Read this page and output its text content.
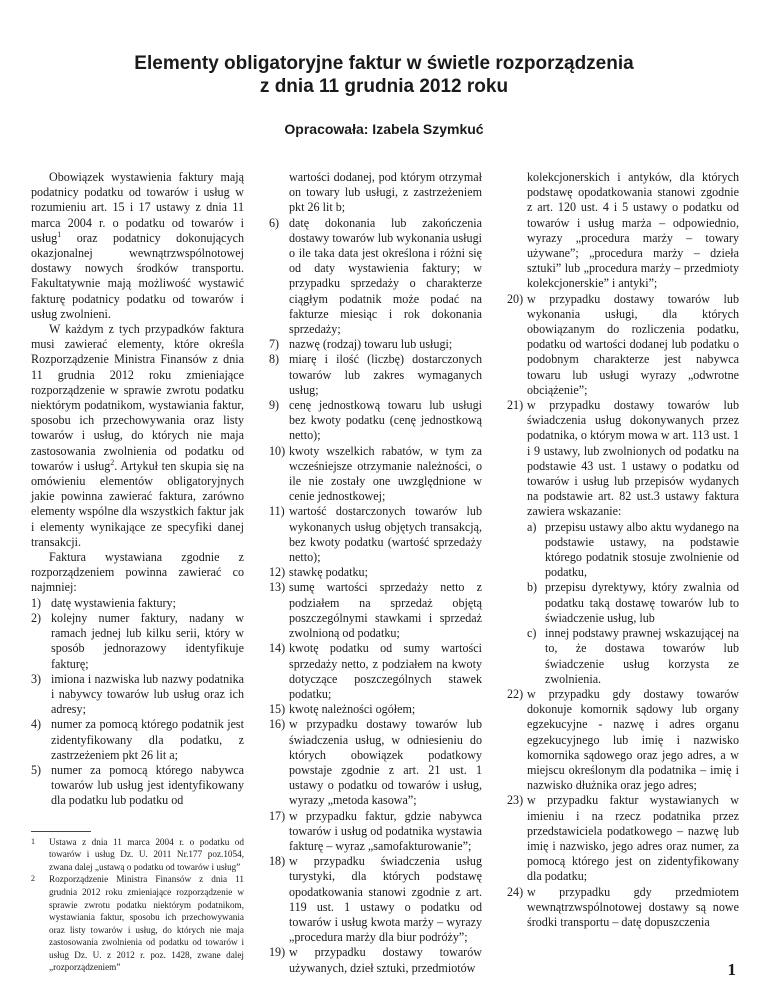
Elementy obligatoryjne faktur w świetle rozporządzenia
z dnia 11 grudnia 2012 roku
Opracowała: Izabela Szymkuć

Obowiązek wystawienia faktury mają podatnicy podatku od towarów i usług w rozumieniu art. 15 i 17 ustawy z dnia 11 marca 2004 r. o podatku od towarów i usług$^1$ oraz podatnicy dokonujących okazjonalnej wewnątrzwspólnotowej dostawy nowych środków transportu. Fakultatywnie mają możliwość wystawić fakturę podatnicy podatku od towarów i usług zwolnieni.

W każdym z tych przypadków faktura musi zawierać elementy, które określa Rozporządzenie Ministra Finansów z dnia 11 grudnia 2012 roku zmieniające rozporządzenie w sprawie zwrotu podatku niektórym podatnikom, wystawiania faktur, sposobu ich przechowywania oraz listy towarów i usług, do których nie maja zastosowania zwolnienia od podatku od towarów i usług$^2$. Artykuł ten skupia się na omówieniu elementów obligatoryjnych jakie powinna zawierać faktura, zarówno elementy wspólne dla wszystkich faktur jak i elementy wynikające ze specyfiki danej transakcji.

Faktura wystawiana zgodnie z rozporządzeniem powinna zawierać co najmniej:

1) datę wystawienia faktury;
2) kolejny numer faktury, nadany w ramach jednej lub kilku serii, który w sposób jednorazowy identyfikuje fakturę;
3) imiona i nazwiska lub nazwy podatnika i nabywcy towarów lub usług oraz ich adresy;
4) numer za pomocą którego podatnik jest zidentyfikowany dla podatku, z zastrzeżeniem pkt 26 lit a;
5) numer za pomocą którego nabywca towarów lub usług jest identyfikowany dla podatku lub podatku od
1 Ustawa z dnia 11 marca 2004 r. o podatku od towarów i usług Dz. U. 2011 Nr.177 poz.1054, zwana dalej „ustawą o podatku od towarów i usług”
2 Rozporządzenie Ministra Finansów z dnia 11 grudnia 2012 roku zmieniające rozporządzenie w sprawie zwrotu podatku niektórym podatnikom, wystawiania faktur, sposobu ich przechowywania oraz listy towarów i usług, do których nie maja zastosowania zwolnienia od podatku od towarów i usług Dz. U. z 2012 r. poz. 1428, zwane dalej „rozporządzeniem”
wartości dodanej, pod którym otrzymał on towary lub usługi, z zastrzeżeniem pkt 26 lit b;
6) datę dokonania lub zakończenia dostawy towarów lub wykonania usługi o ile taka data jest określona i różni się od daty wystawienia faktury; w przypadku sprzedaży o charakterze ciągłym podatnik może podać na fakturze miesiąc i rok dokonania sprzedaży;
7) nazwę (rodzaj) towaru lub usługi;
8) miarę i ilość (liczbę) dostarczonych towarów lub zakres wymaganych usług;
9) cenę jednostkową towaru lub usługi bez kwoty podatku (cenę jednostkową netto);
10) kwoty wszelkich rabatów, w tym za wcześniejsze otrzymanie należności, o ile nie zostały one uwzględnione w cenie jednostkowej;
11) wartość dostarczonych towarów lub wykonanych usług objętych transakcją, bez kwoty podatku (wartość sprzedaży netto);
12) stawkę podatku;
13) sumę wartości sprzedaży netto z podziałem na sprzedaż objętą poszczególnymi stawkami i sprzedaż zwolnioną od podatku;
14) kwotę podatku od sumy wartości sprzedaży netto, z podziałem na kwoty dotyczące poszczególnych stawek podatku;
15) kwotę należności ogółem;
16) w przypadku dostawy towarów lub świadczenia usług, w odniesieniu do których obowiązek podatkowy powstaje zgodnie z art. 21 ust. 1 ustawy o podatku od towarów i usług, wyrazy „metoda kasowa”;
17) w przypadku faktur, gdzie nabywca towarów i usług od podatnika wystawia fakturę – wyraz „samofakturowanie”;
18) w przypadku świadczenia usług turystyki, dla których podstawę opodatkowania stanowi zgodnie z art. 119 ust. 1 ustawy o podatku od towarów i usług kwota marży – wyrazy „procedura marży dla biur podróży”;
19) w przypadku dostawy towarów używanych, dzieł sztuki, przedmiotów
kolekcjonerskich i antyków, dla których podstawę opodatkowania stanowi zgodnie z art. 120 ust. 4 i 5 ustawy o podatku od towarów i usług marża – odpowiednio, wyrazy „procedura marży – towary używane”; „procedura marży – dzieła sztuki” lub „procedura marży – przedmioty kolekcjonerskie” i antyki”;
20) w przypadku dostawy towarów lub wykonania usługi, dla których obowiązanym do rozliczenia podatku, podatku od wartości dodanej lub podatku o podobnym charakterze jest nabywca towaru lub usługi wyrazy „odwrotne obciążenie”;
21) w przypadku dostawy towarów lub świadczenia usług dokonywanych przez podatnika, o którym mowa w art. 113 ust. 1 i 9 ustawy, lub zwolnionych od podatku na podstawie 43 ust. 1 ustawy o podatku od towarów i usług lub przepisów wydanych na podstawie art. 82 ust.3 ustawy faktura zawiera wskazanie:
a) przepisu ustawy albo aktu wydanego na podstawie ustawy, na podstawie którego podatnik stosuje zwolnienie od podatku,
b) przepisu dyrektywy, który zwalnia od podatku taką dostawę towarów lub to świadczenie usług, lub
c) innej podstawy prawnej wskazującej na to, że dostawa towarów lub świadczenie usług korzysta ze zwolnienia.
22) w przypadku gdy dostawy towarów dokonuje komornik sądowy lub organy egzekucyjne - nazwę i adres organu egzekucyjnego lub imię i nazwisko komornika sądowego oraz jego adres, a w miejscu określonym dla podatnika – imię i nazwisko dłużnika oraz jego adres;
23) w przypadku faktur wystawianych w imieniu i na rzecz podatnika przez przedstawiciela podatkowego – nazwę lub imię i nazwisko, jego adres oraz numer, za pomocą którego jest on zidentyfikowany dla podatku;
24) w przypadku gdy przedmiotem wewnątrzwspólnotowej dostawy są nowe środki transportu – datę dopuszczenia
1
